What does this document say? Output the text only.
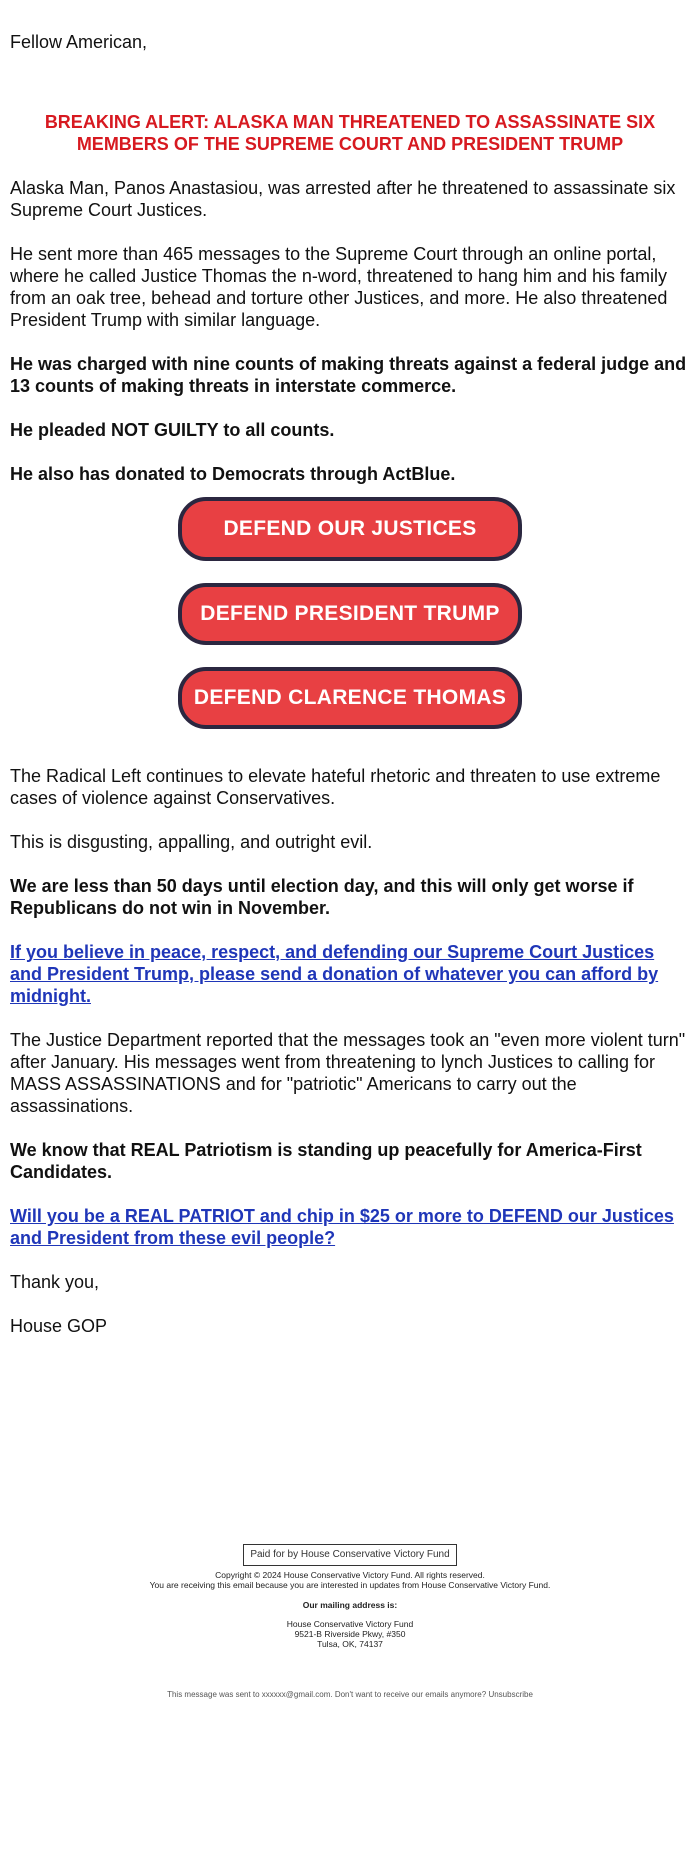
Fellow American,

BREAKING ALERT: ALASKA MAN THREATENED TO ASSASSINATE SIX MEMBERS OF THE SUPREME COURT AND PRESIDENT TRUMP

Alaska Man, Panos Anastasiou, was arrested after he threatened to assassinate six Supreme Court Justices.

He sent more than 465 messages to the Supreme Court through an online portal, where he called Justice Thomas the n-word, threatened to hang him and his family from an oak tree, behead and torture other Justices, and more. He also threatened President Trump with similar language.

He was charged with nine counts of making threats against a federal judge and 13 counts of making threats in interstate commerce.

He pleaded NOT GUILTY to all counts.

He also has donated to Democrats through ActBlue.

DEFEND OUR JUSTICES
DEFEND PRESIDENT TRUMP
DEFEND CLARENCE THOMAS

The Radical Left continues to elevate hateful rhetoric and threaten to use extreme cases of violence against Conservatives.

This is disgusting, appalling, and outright evil.

We are less than 50 days until election day, and this will only get worse if Republicans do not win in November.

If you believe in peace, respect, and defending our Supreme Court Justices and President Trump, please send a donation of whatever you can afford by midnight.

The Justice Department reported that the messages took an "even more violent turn" after January. His messages went from threatening to lynch Justices to calling for MASS ASSASSINATIONS and for "patriotic" Americans to carry out the assassinations.

We know that REAL Patriotism is standing up peacefully for America-First Candidates.

Will you be a REAL PATRIOT and chip in $25 or more to DEFEND our Justices and President from these evil people?

Thank you,

House GOP

Paid for by House Conservative Victory Fund

Copyright © 2024 House Conservative Victory Fund. All rights reserved.

You are receiving this email because you are interested in updates from House Conservative Victory Fund.

Our mailing address is:

House Conservative Victory Fund

9521-B Riverside Pkwy, #350

Tulsa, OK, 74137

This message was sent to xxxxxx@gmail.com. Don't want to receive our emails anymore? Unsubscribe
